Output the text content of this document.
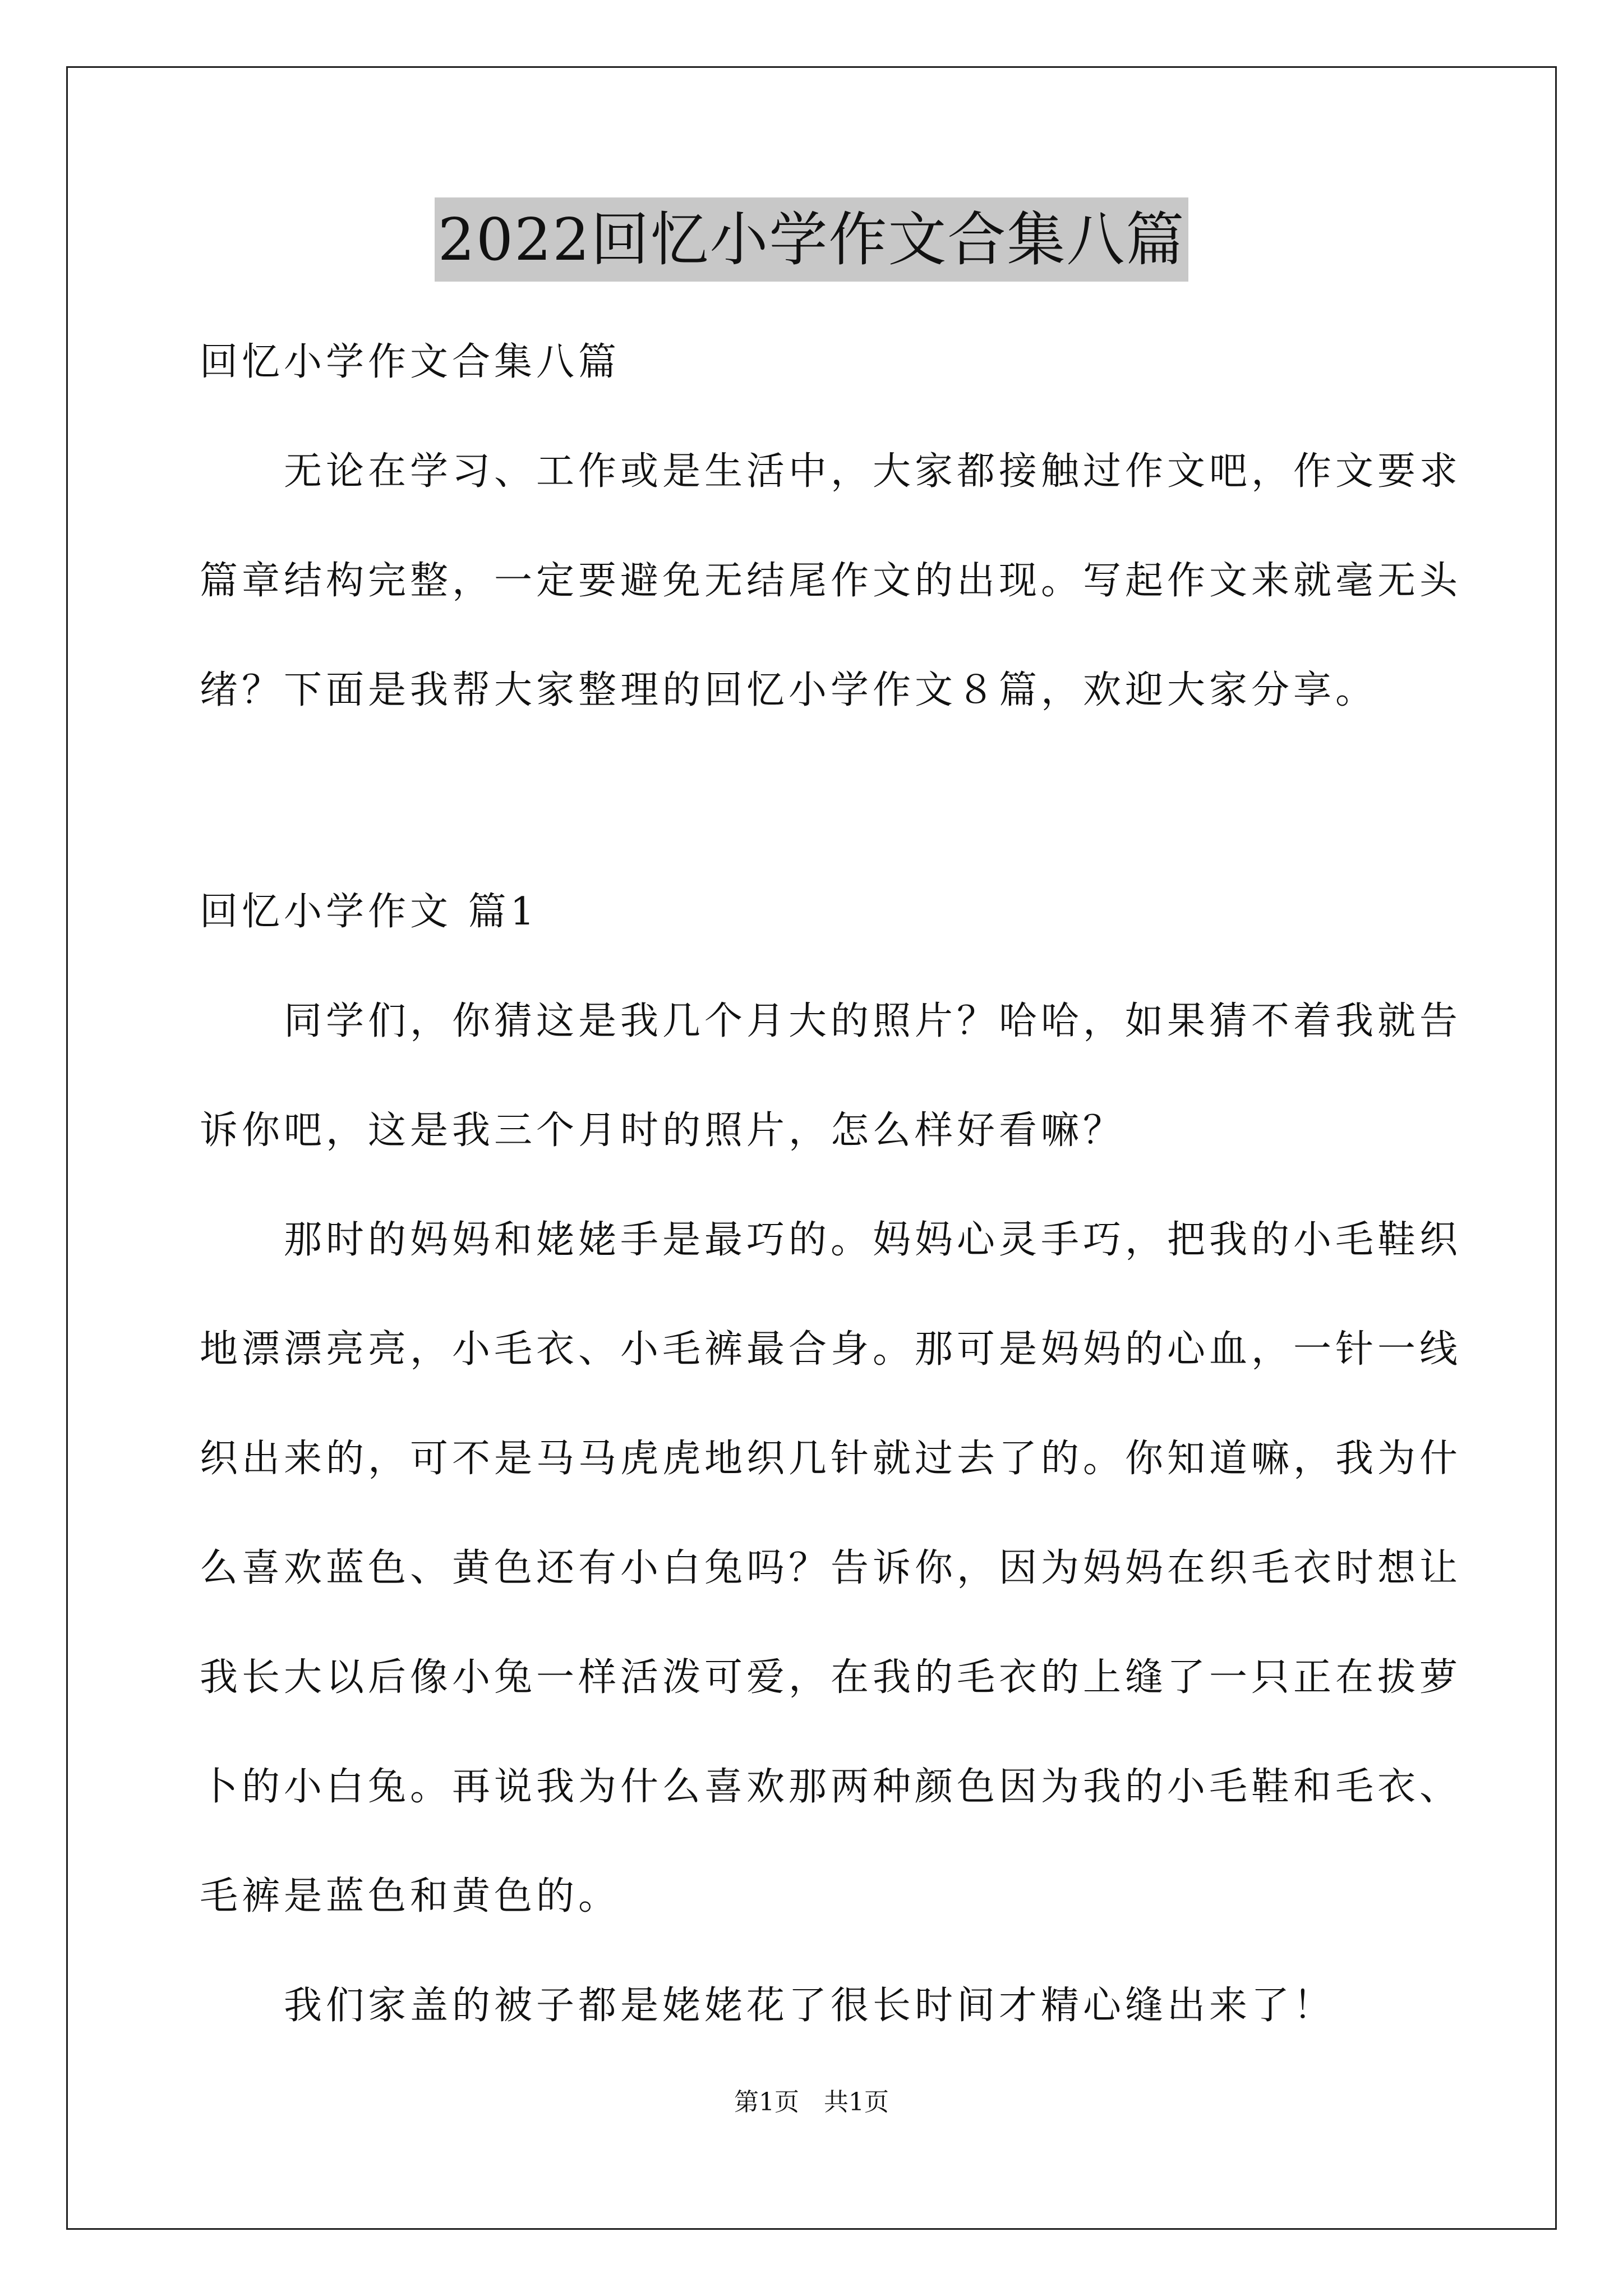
2022回忆小学作文合集八篇
回忆小学作文合集八篇
　　无论在学习、工作或是生活中，大家都接触过作文吧，作文要求
篇章结构完整，一定要避免无结尾作文的出现。写起作文来就毫无头
绪？下面是我帮大家整理的回忆小学作文８篇，欢迎大家分享。
回忆小学作文 篇1
　　同学们，你猜这是我几个月大的照片？哈哈，如果猜不着我就告
诉你吧，这是我三个月时的照片，怎么样好看嘛？
　　那时的妈妈和姥姥手是最巧的。妈妈心灵手巧，把我的小毛鞋织
地漂漂亮亮，小毛衣、小毛裤最合身。那可是妈妈的心血，一针一线
织出来的，可不是马马虎虎地织几针就过去了的。你知道嘛，我为什
么喜欢蓝色、黄色还有小白兔吗？告诉你，因为妈妈在织毛衣时想让
我长大以后像小兔一样活泼可爱，在我的毛衣的上缝了一只正在拔萝
卜的小白兔。再说我为什么喜欢那两种颜色因为我的小毛鞋和毛衣、
毛裤是蓝色和黄色的。
　　我们家盖的被子都是姥姥花了很长时间才精心缝出来了！
第1页　共1页
